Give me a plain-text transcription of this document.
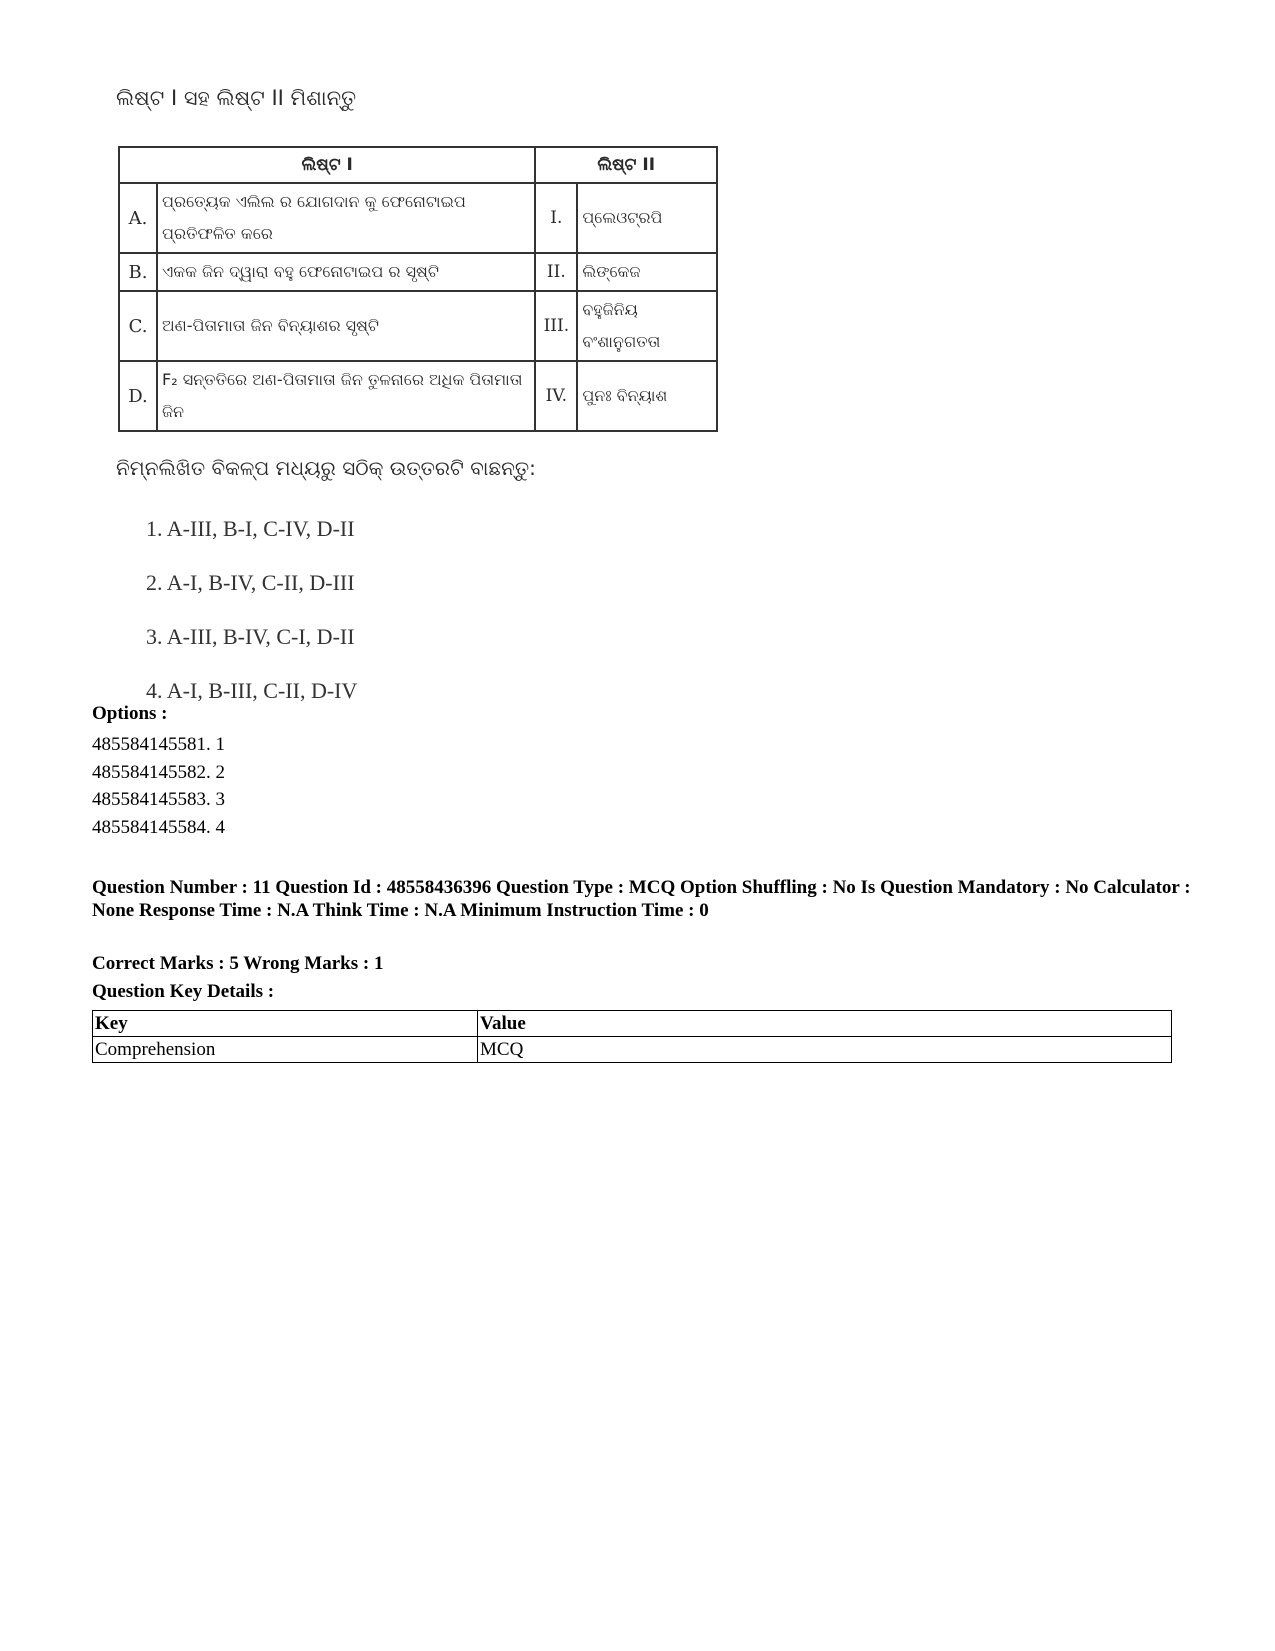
ଲିଷ୍ଟ I ସହ ଲିଷ୍ଟ II ମିଶାନ୍ତୁ
ଲିଷ୍ଟ I		ଲିଷ୍ଟ II	
A.	ପ୍ରତ୍ୟେକ ଏଲିଲ ର ଯୋଗଦାନ କୁ ଫେନୋଟାଇପ ପ୍ରତିଫଳିତ କରେ	I.	ପ୍ଲେଓଟ୍ରପି
B.	ଏକକ ଜିନ ଦ୍ୱାରା ବହୁ ଫେନୋଟାଇପ ର ସୃଷ୍ଟି	II.	ଲିଙ୍କେଜ
C.	ଅଣ-ପିତାମାତା ଜିନ ବିନ୍ୟାଶର ସୃଷ୍ଟି	III.	ବହୁଜିନିୟ ବଂଶାନୁଗତତା
D.	F₂ ସନ୍ତତିରେ ଅଣ-ପିତାମାତା ଜିନ ତୁଳନାରେ ଅଧିକ ପିତାମାତା ଜିନ	IV.	ପୁନଃ ବିନ୍ୟାଶ
ନିମ୍ନଲିଖିତ ବିକଳ୍ପ ମଧ୍ୟରୁ ସଠିକ୍ ଉତ୍ତରଟି ବାଛନ୍ତୁ:
1. A-III, B-I, C-IV, D-II
2. A-I, B-IV, C-II, D-III
3. A-III, B-IV, C-I, D-II
4. A-I, B-III, C-II, D-IV
Options :
485584145581. 1
485584145582. 2
485584145583. 3
485584145584. 4
Question Number : 11 Question Id : 48558436396 Question Type : MCQ Option Shuffling : No Is Question Mandatory : No Calculator : None Response Time : N.A Think Time : N.A Minimum Instruction Time : 0
Correct Marks : 5 Wrong Marks : 1
Question Key Details :
Key	Value
Comprehension	MCQ
